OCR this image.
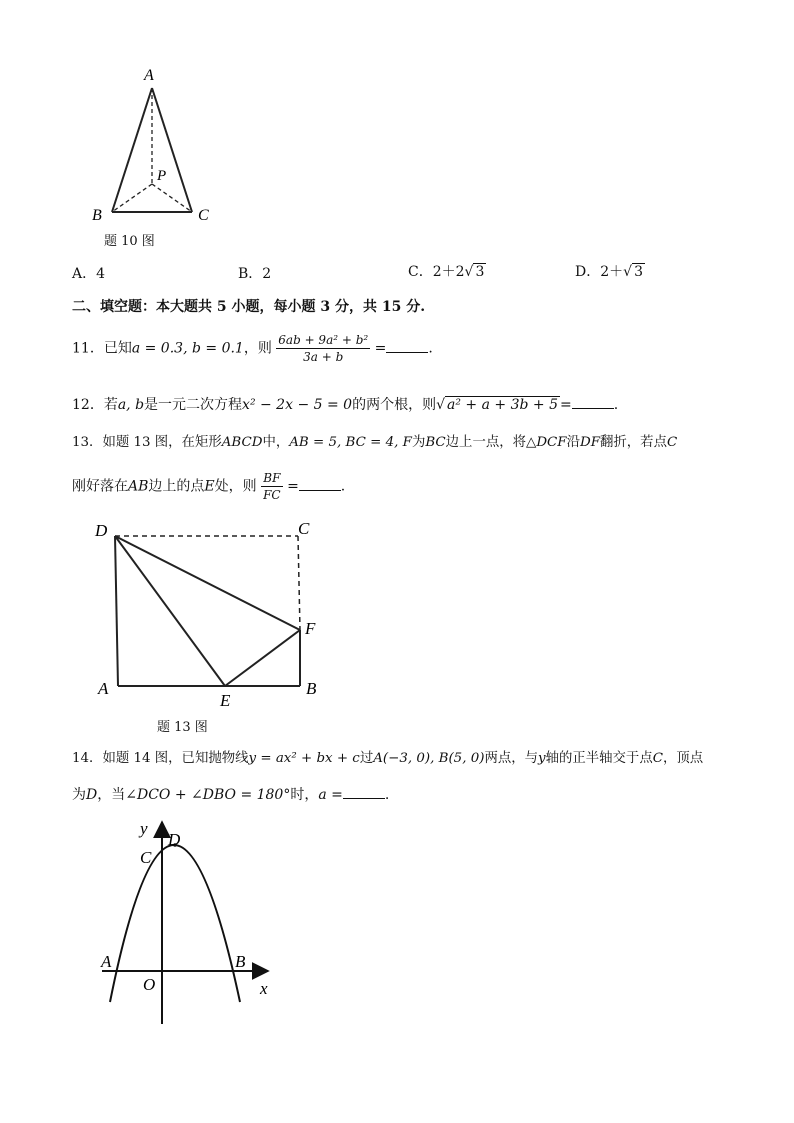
A
P
B	C
题 10 图
A．4	B．2	C．2＋2√ 3	D．2＋√ 3
二、填空题：本大题共 5 小题，每小题 3 分，共 15 分.
11．已知a = 0.3, b = 0.1，则 $\frac{\text{6ab + 9a² + b²}}{3a + b}$ =	.
12．若a, b是一元二次方程x² − 2x − 5 = 0的两个根，则√ a² + a + 3b + 5 =	.
13．如题 13 图，在矩形ABCD中，AB = 5, BC = 4, F为BC边上一点，将△DCF沿DF翻折，若点C
刚好落在AB边上的点E处，则 $\frac{BF}{FC}$ =	.
D	C
F
A
E
B
题 13 图
14．如题 14 图，已知抛物线y = ax² + bx + c过A(−3, 0), B(5, 0)两点，与y轴的正半轴交于点C，顶点
为D，当∠DCO + ∠DBO = 180°时，a =	.
y
D
C
A	B
O	x
